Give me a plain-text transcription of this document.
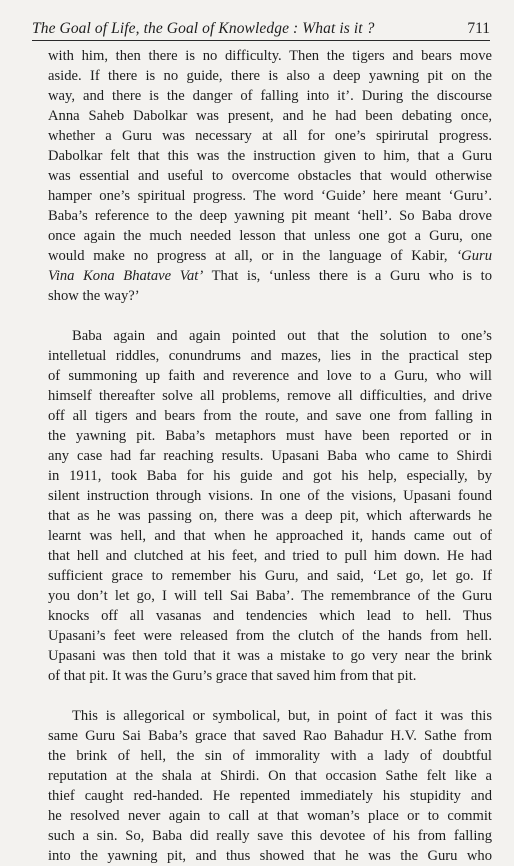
The Goal of Life, the Goal of Knowledge : What is it ?	711
with him, then there is no difficulty. Then the tigers and bears move
aside. If there is no guide, there is also a deep yawning pit on the
way, and there is the danger of falling into it’. During the discourse
Anna Saheb Dabolkar was present, and he had been debating once,
whether a Guru was necessary at all for one’s spirirutal progress.
Dabolkar felt that this was the instruction given to him, that a Guru
was essential and useful to overcome obstacles that would otherwise
hamper one’s spiritual progress. The word ‘Guide’ here meant ‘Guru’.
Baba’s reference to the deep yawning pit meant ‘hell’. So Baba drove
once again the much needed lesson that unless one got a Guru, one
would make no progress at all, or in the language of Kabir, ‘Guru
Vina Kona Bhatave Vat’ That is, ‘unless there is a Guru who is to
show the way?’
Baba again and again pointed out that the solution to one’s
intelletual riddles, conundrums and mazes, lies in the practical step
of summoning up faith and reverence and love to a Guru, who will
himself thereafter solve all problems, remove all difficulties, and drive
off all tigers and bears from the route, and save one from falling in
the yawning pit. Baba’s metaphors must have been reported or in
any case had far reaching results. Upasani Baba who came to Shirdi
in 1911, took Baba for his guide and got his help, especially, by
silent instruction through visions. In one of the visions, Upasani found
that as he was passing on, there was a deep pit, which afterwards he
learnt was hell, and that when he approached it, hands came out of
that hell and clutched at his feet, and tried to pull him down. He had
sufficient grace to remember his Guru, and said, ‘Let go, let go. If
you don’t let go, I will tell Sai Baba’. The remembrance of the Guru
knocks off all vasanas and tendencies which lead to hell. Thus
Upasani’s feet were released from the clutch of the hands from hell.
Upasani was then told that it was a mistake to go very near the brink
of that pit. It was the Guru’s grace that saved him from that pit.
This is allegorical or symbolical, but, in point of fact it was this
same Guru Sai Baba’s grace that saved Rao Bahadur H.V. Sathe from
the brink of hell, the sin of immorality with a lady of doubtful
reputation at the shala at Shirdi. On that occasion Sathe felt like a
thief caught red-handed. He repented immediately his stupidity and
he resolved never again to call at that woman’s place or to commit
such a sin. So, Baba did really save this devotee of his from falling
into the yawning pit, and thus showed that he was the Guru who
